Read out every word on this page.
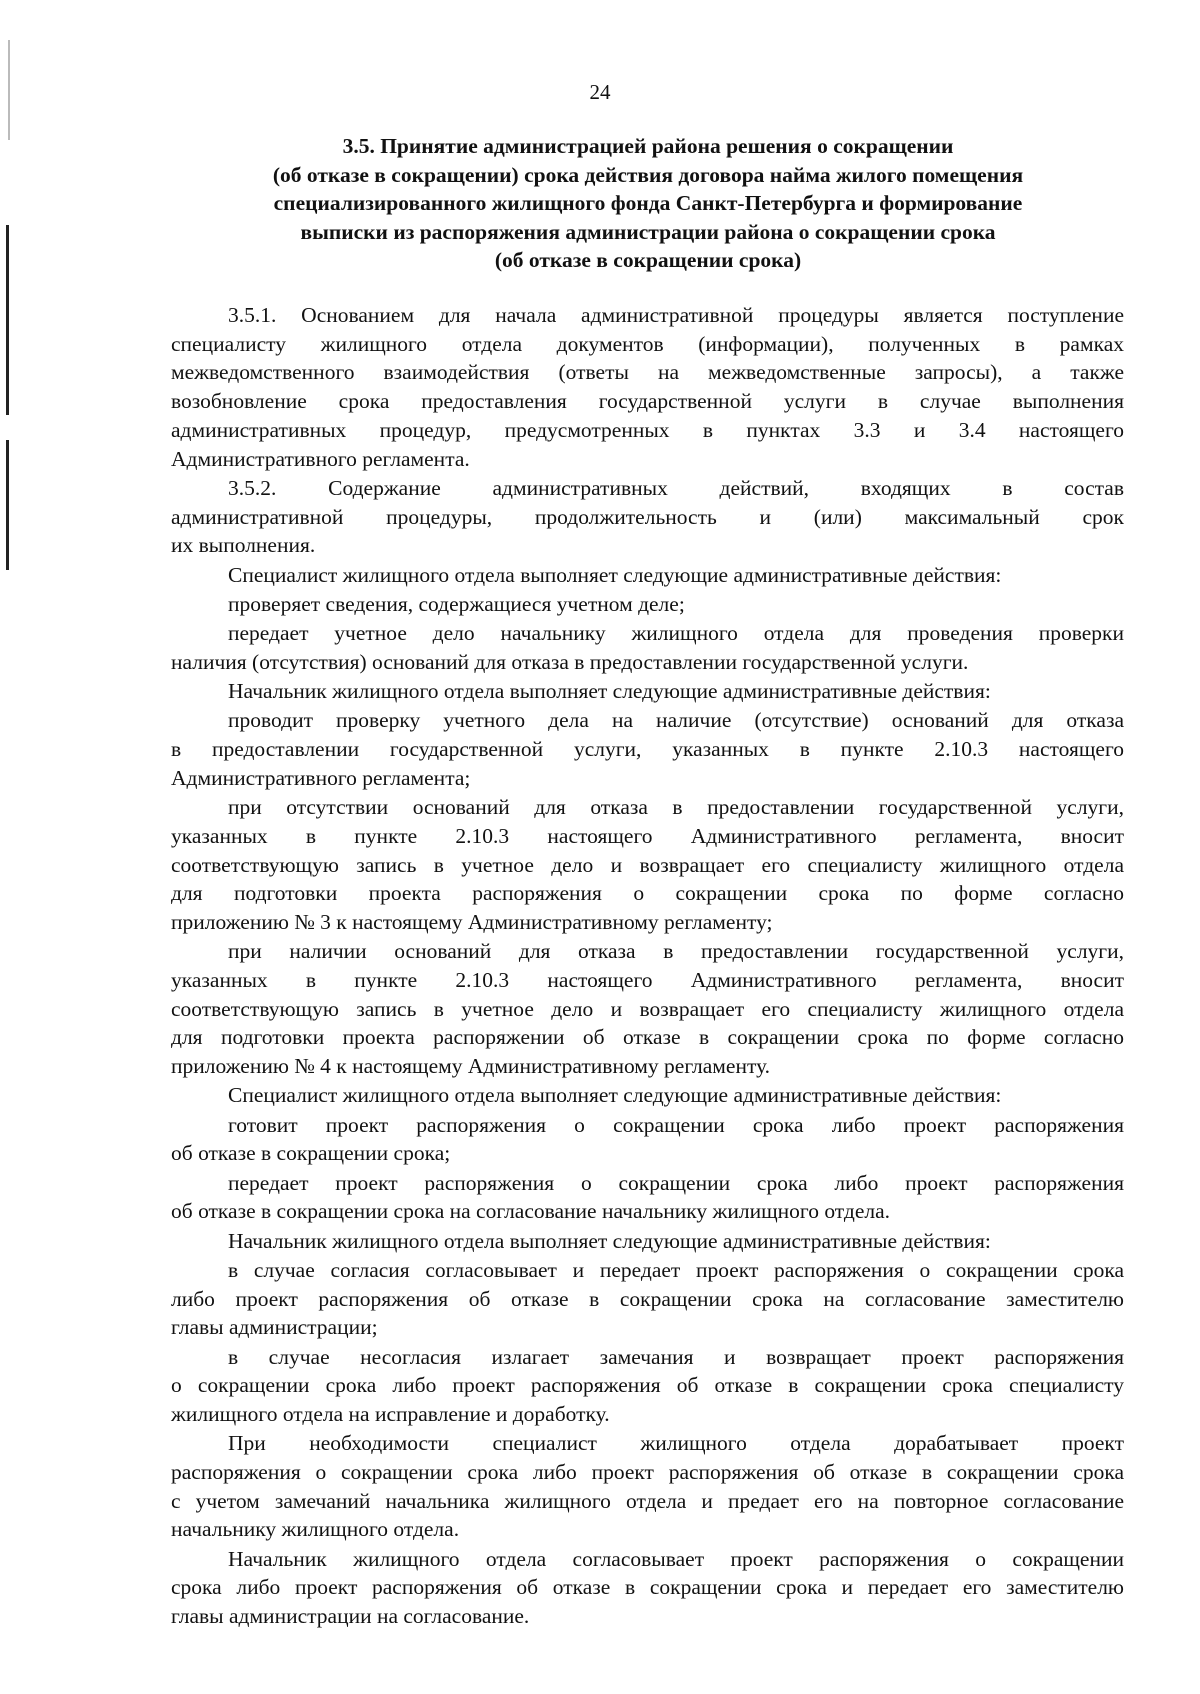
24
3.5. Принятие администрацией района решения о сокращении
(об отказе в сокращении) срока действия договора найма жилого помещения
специализированного жилищного фонда Санкт-Петербурга и формирование
выписки из распоряжения администрации района о сокращении срока
(об отказе в сокращении срока)
3.5.1. Основанием для начала административной процедуры является поступление
специалисту жилищного отдела документов (информации), полученных в рамках
межведомственного взаимодействия (ответы на межведомственные запросы), а также
возобновление срока предоставления государственной услуги в случае выполнения
административных процедур, предусмотренных в пунктах 3.3 и 3.4 настоящего
Административного регламента.
3.5.2. Содержание административных действий, входящих в состав
административной процедуры, продолжительность и (или) максимальный срок
их выполнения.
Специалист жилищного отдела выполняет следующие административные действия:
проверяет сведения, содержащиеся учетном деле;
передает учетное дело начальнику жилищного отдела для проведения проверки
наличия (отсутствия) оснований для отказа в предоставлении государственной услуги.
Начальник жилищного отдела выполняет следующие административные действия:
проводит проверку учетного дела на наличие (отсутствие) оснований для отказа
в предоставлении государственной услуги, указанных в пункте 2.10.3 настоящего
Административного регламента;
при отсутствии оснований для отказа в предоставлении государственной услуги,
указанных в пункте 2.10.3 настоящего Административного регламента, вносит
соответствующую запись в учетное дело и возвращает его специалисту жилищного отдела
для подготовки проекта распоряжения о сокращении срока по форме согласно
приложению № 3 к настоящему Административному регламенту;
при наличии оснований для отказа в предоставлении государственной услуги,
указанных в пункте 2.10.3 настоящего Административного регламента, вносит
соответствующую запись в учетное дело и возвращает его специалисту жилищного отдела
для подготовки проекта распоряжении об отказе в сокращении срока по форме согласно
приложению № 4 к настоящему Административному регламенту.
Специалист жилищного отдела выполняет следующие административные действия:
готовит проект распоряжения о сокращении срока либо проект распоряжения
об отказе в сокращении срока;
передает проект распоряжения о сокращении срока либо проект распоряжения
об отказе в сокращении срока на согласование начальнику жилищного отдела.
Начальник жилищного отдела выполняет следующие административные действия:
в случае согласия согласовывает и передает проект распоряжения о сокращении срока
либо проект распоряжения об отказе в сокращении срока на согласование заместителю
главы администрации;
в случае несогласия излагает замечания и возвращает проект распоряжения
о сокращении срока либо проект распоряжения об отказе в сокращении срока специалисту
жилищного отдела на исправление и доработку.
При необходимости специалист жилищного отдела дорабатывает проект
распоряжения о сокращении срока либо проект распоряжения об отказе в сокращении срока
с учетом замечаний начальника жилищного отдела и предает его на повторное согласование
начальнику жилищного отдела.
Начальник жилищного отдела согласовывает проект распоряжения о сокращении
срока либо проект распоряжения об отказе в сокращении срока и передает его заместителю
главы администрации на согласование.
